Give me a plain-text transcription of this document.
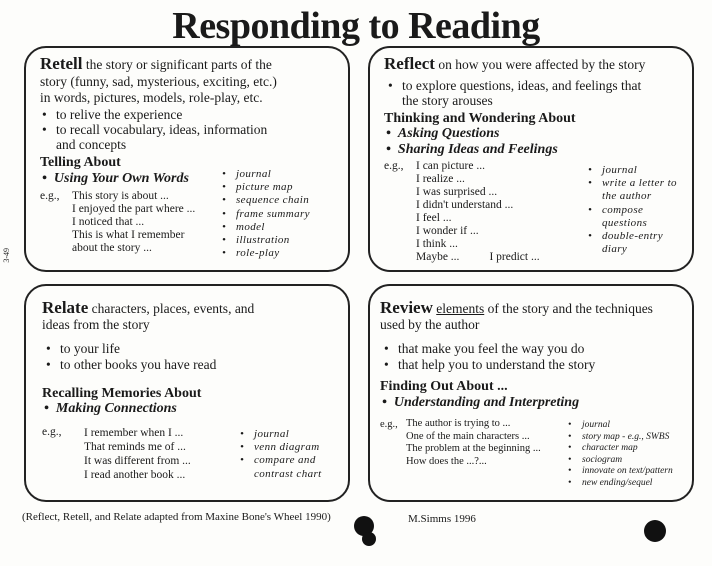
Responding to Reading
3-49

Retell the story or significant parts of the

story (funny, sad, mysterious, exciting, etc.)

in words, pictures, models, role-play, etc.

• to relive the experience
• to recall vocabulary, ideas, information
and concepts

Telling About

•  Using Your Own Words

e.g., This story is about ...
I enjoyed the part where ...
I noticed that ...
This is what I remember
about the story ...
• journal
• picture map
• sequence chain
• frame summary
• model
• illustration
• role-play

Reflect on how you were affected by the story

• to explore questions, ideas, and feelings that
the story arouses

Thinking and Wondering About

•  Asking Questions

•  Sharing Ideas and Feelings

e.g., I can picture ...
I realize ...
I was surprised ...
I didn't understand ...
I feel ...
I wonder if ...
I think ...
Maybe ...	I predict ...
• journal
• write a letter to
the author
• compose
questions
• double-entry
diary

Relate characters, places, events, and

ideas from the story

• to your life
• to other books you have read

Recalling Memories About

•  Making Connections

e.g., I remember when I ...
That reminds me of ...
It was different from ...
I read another book ...
• journal
• venn diagram
• compare and
contrast chart

Review elements of the story and the techniques

used by the author

• that make you feel the way you do
• that help you to understand the story

Finding Out About ...

•  Understanding and Interpreting

e.g., The author is trying to ...
One of the main characters ...
The problem at the beginning ...
How does the ...?...
• journal
• story map - e.g., SWBS
• character map
• sociogram
• innovate on text/pattern
• new ending/sequel
(Reflect, Retell, and Relate adapted from Maxine Bone's Wheel 1990)	M.Simms 1996
